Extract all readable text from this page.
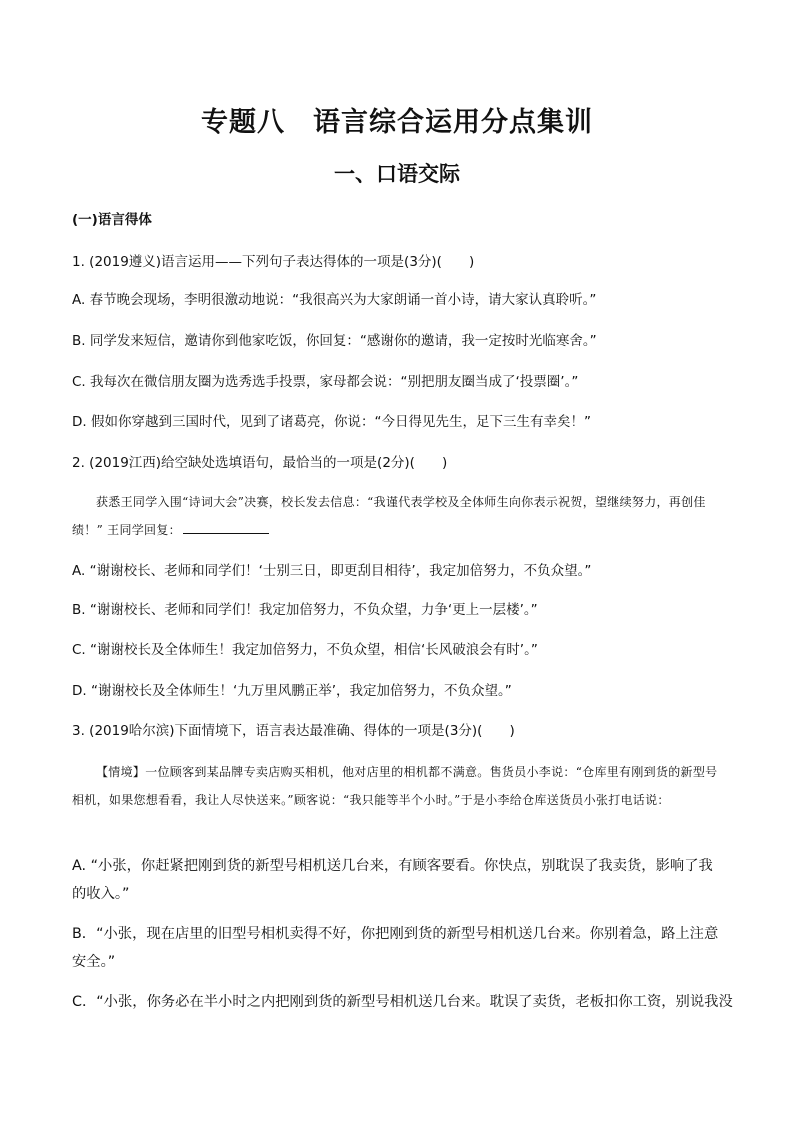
专题八　语言综合运用分点集训
一、口语交际
(一)语言得体
1. (2019遵义)语言运用——下列句子表达得体的一项是(3分)(　　)
A. 春节晚会现场，李明很激动地说：“我很高兴为大家朗诵一首小诗，请大家认真聆听。”
B. 同学发来短信，邀请你到他家吃饭，你回复：“感谢你的邀请，我一定按时光临寒舍。”
C. 我每次在微信朋友圈为选秀选手投票，家母都会说：“别把朋友圈当成了‘投票圈’。”
D. 假如你穿越到三国时代，见到了诸葛亮，你说：“今日得见先生，足下三生有幸矣！”
2. (2019江西)给空缺处选填语句，最恰当的一项是(2分)(　　)
获悉王同学入围“诗词大会”决赛，校长发去信息：“我谨代表学校及全体师生向你表示祝贺，望继续努力，再创佳绩！” 王同学回复：
A. “谢谢校长、老师和同学们！‘士别三日，即更刮目相待’，我定加倍努力，不负众望。”
B. “谢谢校长、老师和同学们！我定加倍努力，不负众望，力争‘更上一层楼’。”
C. “谢谢校长及全体师生！我定加倍努力，不负众望，相信‘长风破浪会有时’。”
D. “谢谢校长及全体师生！‘九万里风鹏正举’，我定加倍努力，不负众望。”
3. (2019哈尔滨)下面情境下，语言表达最准确、得体的一项是(3分)(　　)
【情境】一位顾客到某品牌专卖店购买相机，他对店里的相机都不满意。售货员小李说：“仓库里有刚到货的新型号相机，如果您想看看，我让人尽快送来。”顾客说：“我只能等半个小时。”于是小李给仓库送货员小张打电话说：
A. “小张，你赶紧把刚到货的新型号相机送几台来，有顾客要看。你快点，别耽误了我卖货，影响了我的收入。”
B．“小张，现在店里的旧型号相机卖得不好，你把刚到货的新型号相机送几台来。你别着急，路上注意安全。”
C．“小张，你务必在半小时之内把刚到货的新型号相机送几台来。耽误了卖货，老板扣你工资，别说我没
